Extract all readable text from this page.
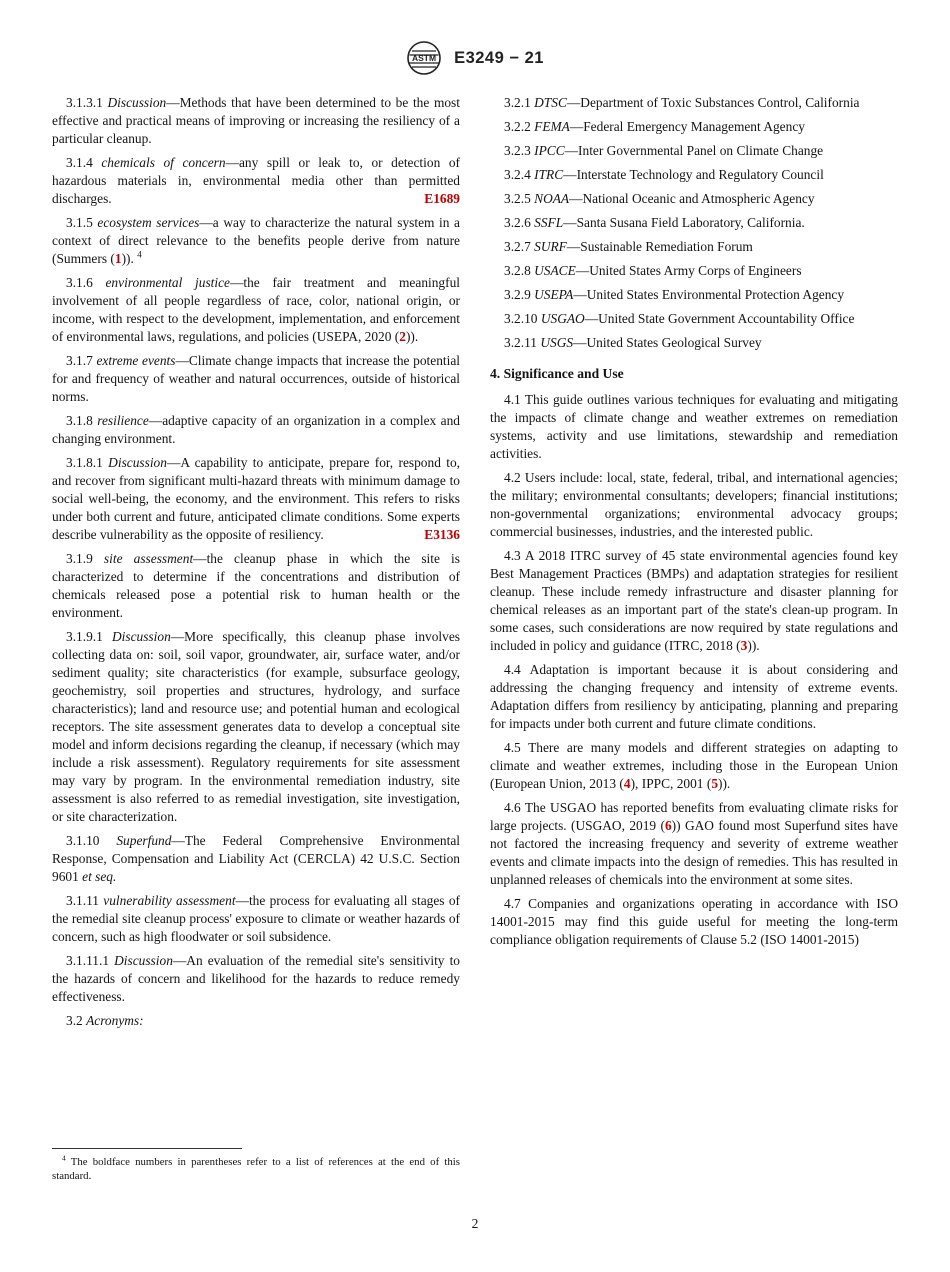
ASTM E3249 − 21
3.1.3.1 Discussion—Methods that have been determined to be the most effective and practical means of improving or increasing the resiliency of a particular cleanup.
3.1.4 chemicals of concern—any spill or leak to, or detection of hazardous materials in, environmental media other than permitted discharges.	E1689
3.1.5 ecosystem services—a way to characterize the natural system in a context of direct relevance to the benefits people derive from nature (Summers (1)). $^4$
3.1.6 environmental justice—the fair treatment and meaningful involvement of all people regardless of race, color, national origin, or income, with respect to the development, implementation, and enforcement of environmental laws, regulations, and policies (USEPA, 2020 (2)).
3.1.7 extreme events—Climate change impacts that increase the potential for and frequency of weather and natural occurrences, outside of historical norms.
3.1.8 resilience—adaptive capacity of an organization in a complex and changing environment.
3.1.8.1 Discussion—A capability to anticipate, prepare for, respond to, and recover from significant multi-hazard threats with minimum damage to social well-being, the economy, and the environment. This refers to risks under both current and future, anticipated climate conditions. Some experts describe vulnerability as the opposite of resiliency.	E3136
3.1.9 site assessment—the cleanup phase in which the site is characterized to determine if the concentrations and distribution of chemicals released pose a potential risk to human health or the environment.
3.1.9.1 Discussion—More specifically, this cleanup phase involves collecting data on: soil, soil vapor, groundwater, air, surface water, and/or sediment quality; site characteristics (for example, subsurface geology, geochemistry, soil properties and structures, hydrology, and surface characteristics); land and resource use; and potential human and ecological receptors. The site assessment generates data to develop a conceptual site model and inform decisions regarding the cleanup, if necessary (which may include a risk assessment). Regulatory requirements for site assessment may vary by program. In the environmental remediation industry, site assessment is also referred to as remedial investigation, site investigation, or site characterization.
3.1.10 Superfund—The Federal Comprehensive Environmental Response, Compensation and Liability Act (CERCLA) 42 U.S.C. Section 9601 et seq.
3.1.11 vulnerability assessment—the process for evaluating all stages of the remedial site cleanup process' exposure to climate or weather hazards of concern, such as high floodwater or soil subsidence.
3.1.11.1 Discussion—An evaluation of the remedial site's sensitivity to the hazards of concern and likelihood for the hazards to reduce remedy effectiveness.
3.2 Acronyms:
3.2.1 DTSC—Department of Toxic Substances Control, California
3.2.2 FEMA—Federal Emergency Management Agency
3.2.3 IPCC—Inter Governmental Panel on Climate Change
3.2.4 ITRC—Interstate Technology and Regulatory Council
3.2.5 NOAA—National Oceanic and Atmospheric Agency
3.2.6 SSFL—Santa Susana Field Laboratory, California.
3.2.7 SURF—Sustainable Remediation Forum
3.2.8 USACE—United States Army Corps of Engineers
3.2.9 USEPA—United States Environmental Protection Agency
3.2.10 USGAO—United State Government Accountability Office
3.2.11 USGS—United States Geological Survey
4. Significance and Use
4.1 This guide outlines various techniques for evaluating and mitigating the impacts of climate change and weather extremes on remediation systems, activity and use limitations, stewardship and remediation activities.
4.2 Users include: local, state, federal, tribal, and international agencies; the military; environmental consultants; developers; financial institutions; non-governmental organizations; environmental advocacy groups; commercial businesses, industries, and the interested public.
4.3 A 2018 ITRC survey of 45 state environmental agencies found key Best Management Practices (BMPs) and adaptation strategies for resilient cleanup. These include remedy infrastructure and disaster planning for chemical releases as an important part of the state's clean-up program. In some cases, such considerations are now required by state regulations and included in policy and guidance (ITRC, 2018 (3)).
4.4 Adaptation is important because it is about considering and addressing the changing frequency and intensity of extreme events. Adaptation differs from resiliency by anticipating, planning and preparing for impacts under both current and future climate conditions.
4.5 There are many models and different strategies on adapting to climate and weather extremes, including those in the European Union (European Union, 2013 (4), IPPC, 2001 (5)).
4.6 The USGAO has reported benefits from evaluating climate risks for large projects. (USGAO, 2019 (6)) GAO found most Superfund sites have not factored the increasing frequency and severity of extreme weather events and climate impacts into the design of remedies. This has resulted in unplanned releases of chemicals into the environment at some sites.
4.7 Companies and organizations operating in accordance with ISO 14001-2015 may find this guide useful for meeting the long-term compliance obligation requirements of Clause 5.2 (ISO 14001-2015)
$^4$ The boldface numbers in parentheses refer to a list of references at the end of this standard.
2
